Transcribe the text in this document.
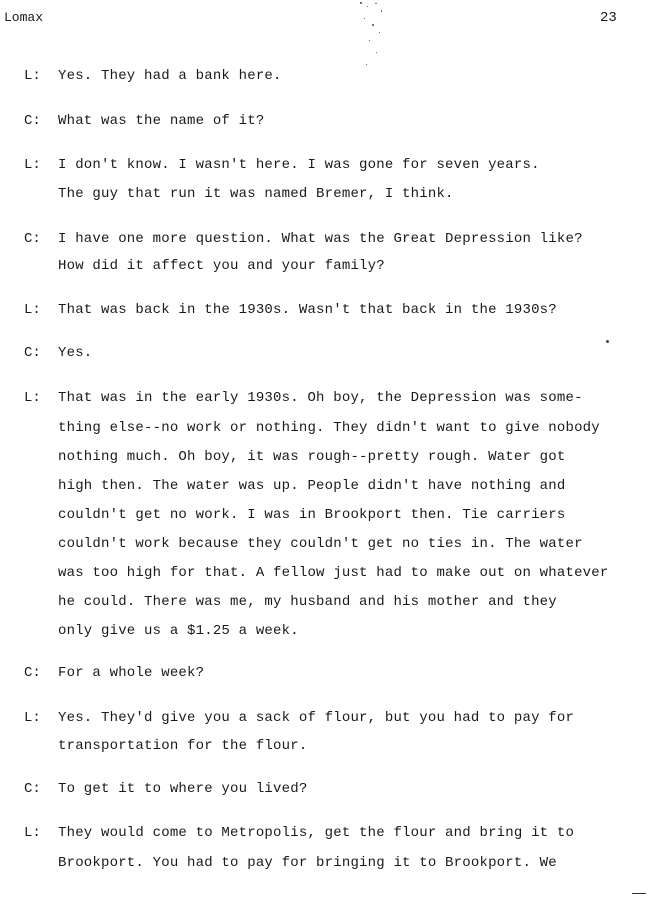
Lomax	23
L: Yes. They had a bank here.
C: What was the name of it?
L: I don't know. I wasn't here. I was gone for seven years.
The guy that run it was named Bremer, I think.
C: I have one more question. What was the Great Depression like?
How did it affect you and your family?
L: That was back in the 1930s. Wasn't that back in the 1930s?
C: Yes.
L: That was in the early 1930s. Oh boy, the Depression was some-
thing else--no work or nothing. They didn't want to give nobody
nothing much. Oh boy, it was rough--pretty rough. Water got
high then. The water was up. People didn't have nothing and
couldn't get no work. I was in Brookport then. Tie carriers
couldn't work because they couldn't get no ties in. The water
was too high for that. A fellow just had to make out on whatever
he could. There was me, my husband and his mother and they
only give us a $1.25 a week.
C: For a whole week?
L: Yes. They'd give you a sack of flour, but you had to pay for
transportation for the flour.
C: To get it to where you lived?
L: They would come to Metropolis, get the flour and bring it to
Brookport. You had to pay for bringing it to Brookport. We
